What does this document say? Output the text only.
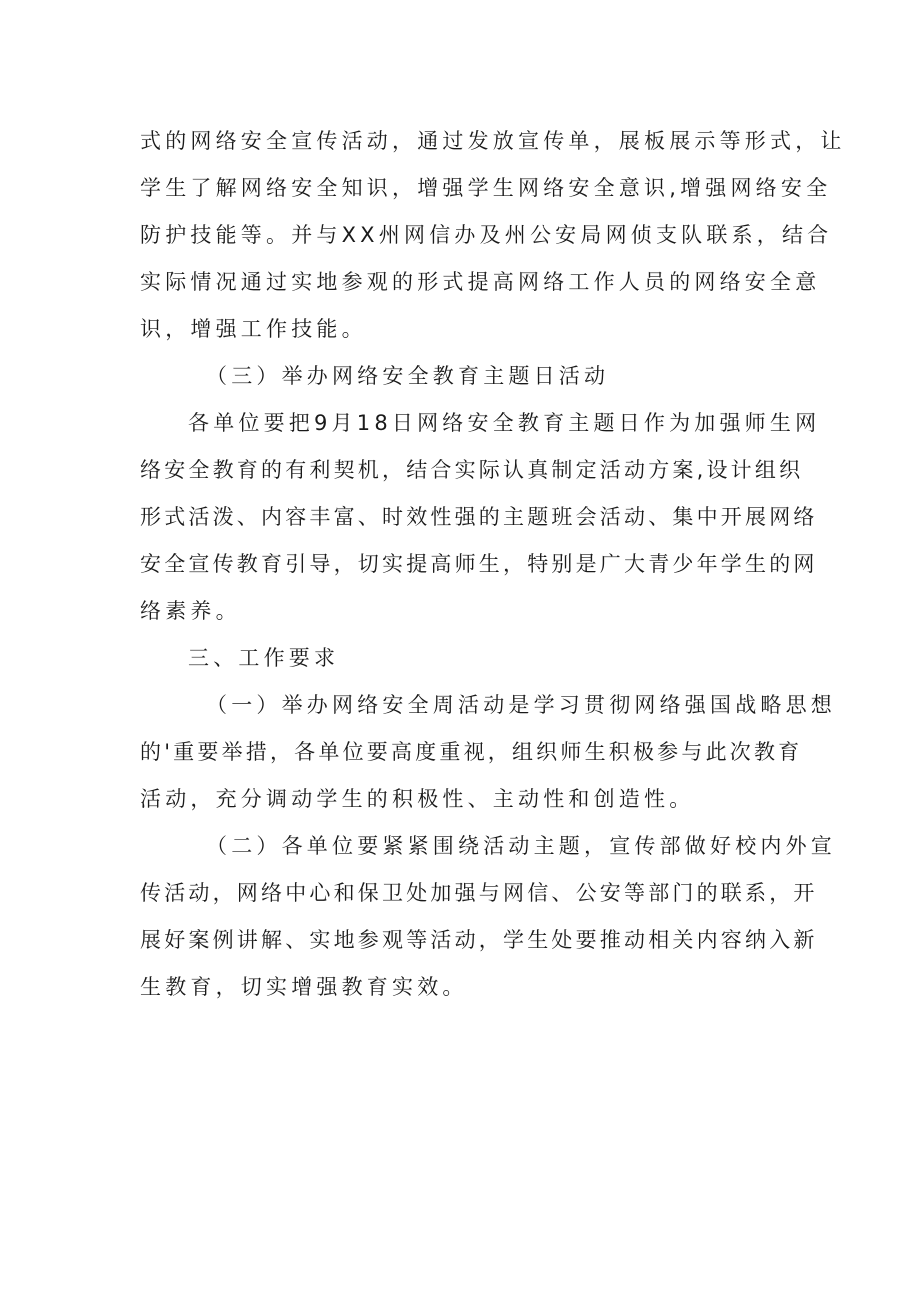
式的网络安全宣传活动，通过发放宣传单，展板展示等形式，让
学生了解网络安全知识，增强学生网络安全意识,增强网络安全
防护技能等。并与XX州网信办及州公安局网侦支队联系，结合
实际情况通过实地参观的形式提高网络工作人员的网络安全意
识，增强工作技能。
（三）举办网络安全教育主题日活动
各单位要把9月18日网络安全教育主题日作为加强师生网
络安全教育的有利契机，结合实际认真制定活动方案,设计组织
形式活泼、内容丰富、时效性强的主题班会活动、集中开展网络
安全宣传教育引导，切实提高师生，特别是广大青少年学生的网
络素养。
三、工作要求
（一）举办网络安全周活动是学习贯彻网络强国战略思想
的'重要举措，各单位要高度重视，组织师生积极参与此次教育
活动，充分调动学生的积极性、主动性和创造性。
（二）各单位要紧紧围绕活动主题，宣传部做好校内外宣
传活动，网络中心和保卫处加强与网信、公安等部门的联系，开
展好案例讲解、实地参观等活动，学生处要推动相关内容纳入新
生教育，切实增强教育实效。
